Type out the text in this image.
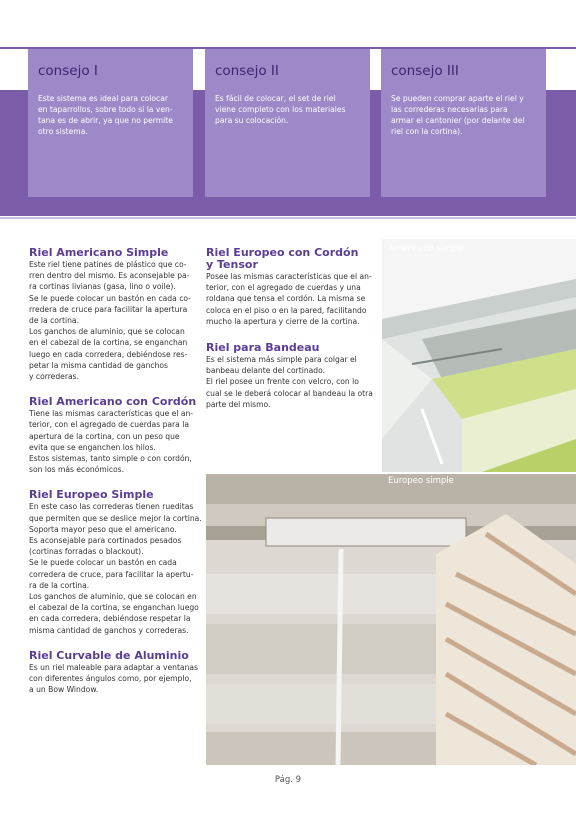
consejo I

Este sistema es ideal para colocar
en taparrollos, sobre todo si la ven-
tana es de abrir, ya que no permite
otro sistema.

consejo II

Es fácil de colocar, el set de riel
viene completo con los materiales
para su colocación.

consejo III

Se pueden comprar aparte el riel y
las correderas necesarias para
armar el cantonier (por delante del
riel con la cortina).

Riel Americano Simple

Este riel tiene patines de plástico que co-
rren dentro del mismo. Es aconsejable pa-
ra cortinas livianas (gasa, lino o voile).
Se le puede colocar un bastón en cada co-
rredera de cruce para facilitar la apertura
de la cortina.
Los ganchos de aluminio, que se colocan
en el cabezal de la cortina, se enganchan
luego en cada corredera, debiéndose res-
petar la misma cantidad de ganchos
y correderas.

Riel Americano con Cordón

Tiene las mismas características que el an-
terior, con el agregado de cuerdas para la
apertura de la cortina, con un peso que
evita que se enganchen los hilos.
Estos sistemas, tanto simple o con cordón,
son los más económicos.

Riel Europeo Simple

En este caso las correderas tienen rueditas
que permiten que se deslice mejor la cortina.
Soporta mayor peso que el americano.
Es aconsejable para cortinados pesados
(cortinas forradas o blackout).
Se le puede colocar un bastón en cada
corredera de cruce, para facilitar la apertu-
ra de la cortina.
Los ganchos de aluminio, que se colocan en
el cabezal de la cortina, se enganchan luego
en cada corredera, debiéndose respetar la
misma cantidad de ganchos y correderas.

Riel Curvable de Aluminio

Es un riel maleable para adaptar a ventanas
con diferentes ángulos como, por ejemplo,
a un Bow Window.

Riel Europeo con Cordón
y Tensor

Posee las mismas características que el an-
terior, con el agregado de cuerdas y una
roldana que tensa el cordón. La misma se
coloca en el piso o en la pared, facilitando
mucho la apertura y cierre de la cortina.

Riel para Bandeau

Es el sistema más simple para colgar el
banbeau delante del cortinado.
El riel posee un frente con velcro, con lo
cual se le deberá colocar al bandeau la otra
parte del mismo.

Americano simple
Europeo simple
Pág. 9
